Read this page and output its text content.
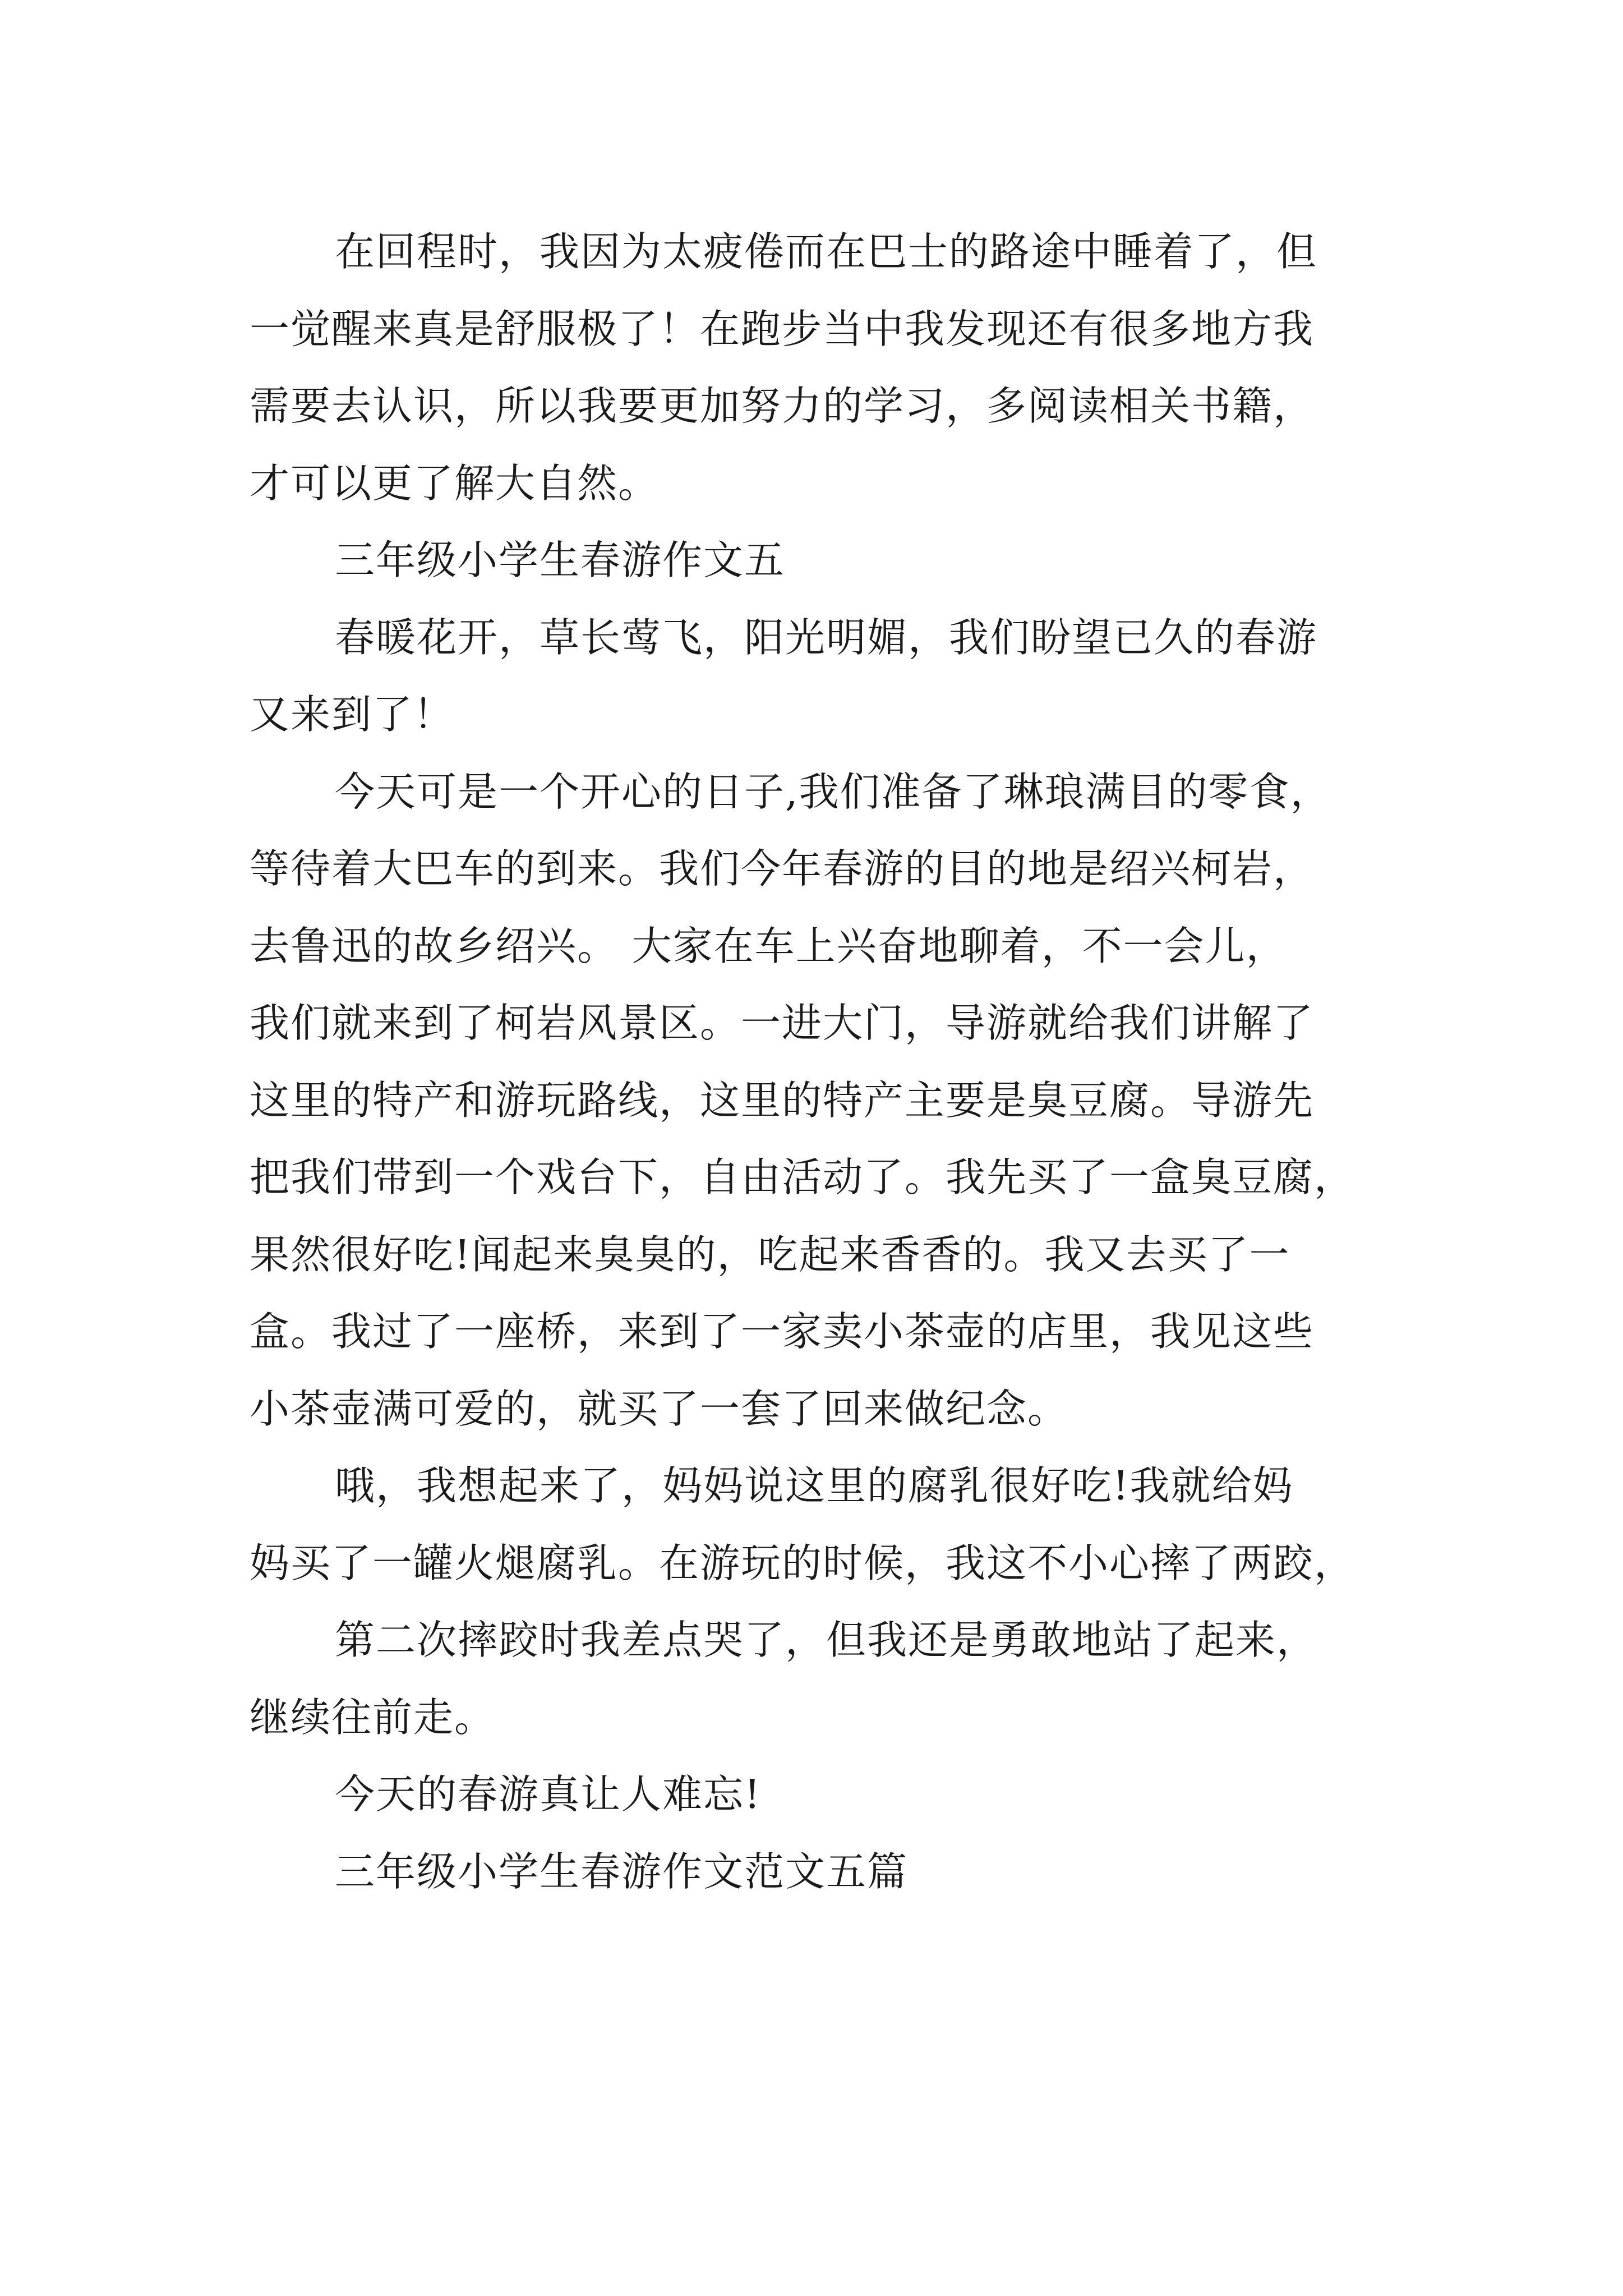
在回程时，我因为太疲倦而在巴士的路途中睡着了，但
一觉醒来真是舒服极了！在跑步当中我发现还有很多地方我
需要去认识，所以我要更加努力的学习，多阅读相关书籍，
才可以更了解大自然。
三年级小学生春游作文五
春暖花开，草长莺飞，阳光明媚，我们盼望已久的春游
又来到了！
今天可是一个开心的日子,我们准备了琳琅满目的零食，
等待着大巴车的到来。我们今年春游的目的地是绍兴柯岩，
去鲁迅的故乡绍兴。 大家在车上兴奋地聊着，不一会儿，
我们就来到了柯岩风景区。一进大门，导游就给我们讲解了
这里的特产和游玩路线，这里的特产主要是臭豆腐。导游先
把我们带到一个戏台下，自由活动了。我先买了一盒臭豆腐，
果然很好吃!闻起来臭臭的，吃起来香香的。我又去买了一
盒。我过了一座桥，来到了一家卖小茶壶的店里，我见这些
小茶壶满可爱的，就买了一套了回来做纪念。
哦，我想起来了，妈妈说这里的腐乳很好吃!我就给妈
妈买了一罐火煺腐乳。在游玩的时候，我这不小心摔了两跤，
第二次摔跤时我差点哭了，但我还是勇敢地站了起来，
继续往前走。
今天的春游真让人难忘!
三年级小学生春游作文范文五篇
